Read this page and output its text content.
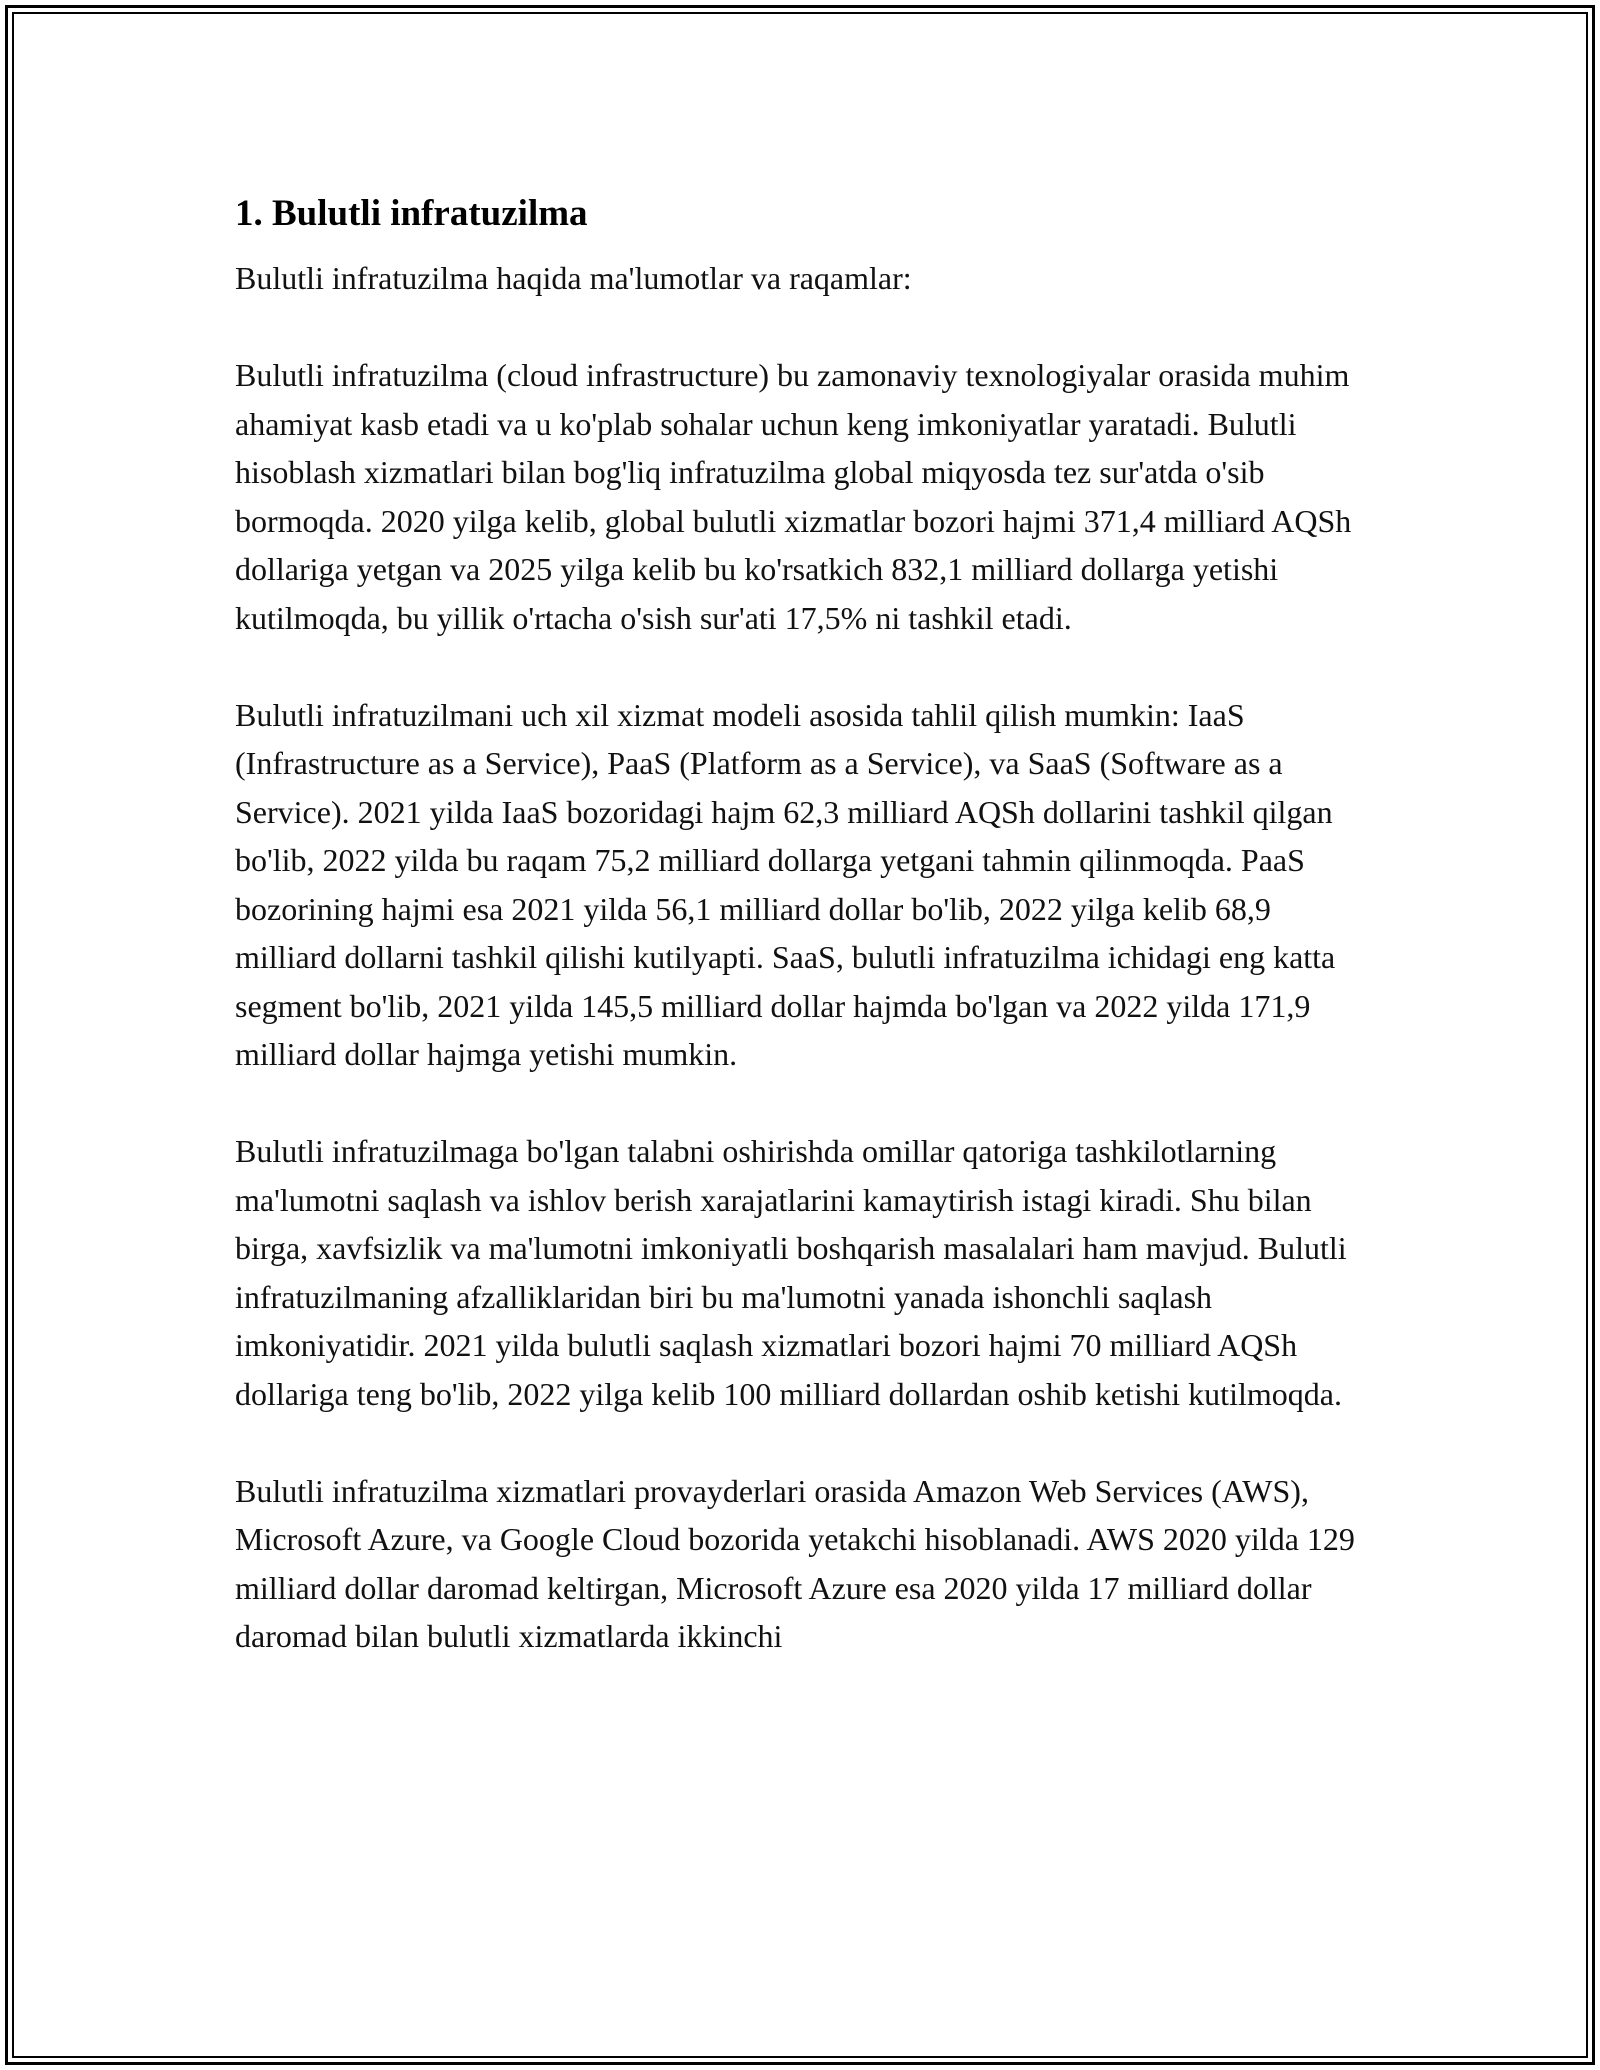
1. Bulutli infratuzilma

Bulutli infratuzilma haqida ma'lumotlar va raqamlar:

Bulutli infratuzilma (cloud infrastructure) bu zamonaviy texnologiyalar orasida muhim ahamiyat kasb etadi va u ko'plab sohalar uchun keng imkoniyatlar yaratadi. Bulutli hisoblash xizmatlari bilan bog'liq infratuzilma global miqyosda tez sur'atda o'sib bormoqda. 2020 yilga kelib, global bulutli xizmatlar bozori hajmi 371,4 milliard AQSh dollariga yetgan va 2025 yilga kelib bu ko'rsatkich 832,1 milliard dollarga yetishi kutilmoqda, bu yillik o'rtacha o'sish sur'ati 17,5% ni tashkil etadi.

Bulutli infratuzilmani uch xil xizmat modeli asosida tahlil qilish mumkin: IaaS (Infrastructure as a Service), PaaS (Platform as a Service), va SaaS (Software as a Service). 2021 yilda IaaS bozoridagi hajm 62,3 milliard AQSh dollarini tashkil qilgan bo'lib, 2022 yilda bu raqam 75,2 milliard dollarga yetgani tahmin qilinmoqda. PaaS bozorining hajmi esa 2021 yilda 56,1 milliard dollar bo'lib, 2022 yilga kelib 68,9 milliard dollarni tashkil qilishi kutilyapti. SaaS, bulutli infratuzilma ichidagi eng katta segment bo'lib, 2021 yilda 145,5 milliard dollar hajmda bo'lgan va 2022 yilda 171,9 milliard dollar hajmga yetishi mumkin.

Bulutli infratuzilmaga bo'lgan talabni oshirishda omillar qatoriga tashkilotlarning ma'lumotni saqlash va ishlov berish xarajatlarini kamaytirish istagi kiradi. Shu bilan birga, xavfsizlik va ma'lumotni imkoniyatli boshqarish masalalari ham mavjud. Bulutli infratuzilmaning afzalliklaridan biri bu ma'lumotni yanada ishonchli saqlash imkoniyatidir. 2021 yilda bulutli saqlash xizmatlari bozori hajmi 70 milliard AQSh dollariga teng bo'lib, 2022 yilga kelib 100 milliard dollardan oshib ketishi kutilmoqda.

Bulutli infratuzilma xizmatlari provayderlari orasida Amazon Web Services (AWS), Microsoft Azure, va Google Cloud bozorida yetakchi hisoblanadi. AWS 2020 yilda 129 milliard dollar daromad keltirgan, Microsoft Azure esa 2020 yilda 17 milliard dollar daromad bilan bulutli xizmatlarda ikkinchi
